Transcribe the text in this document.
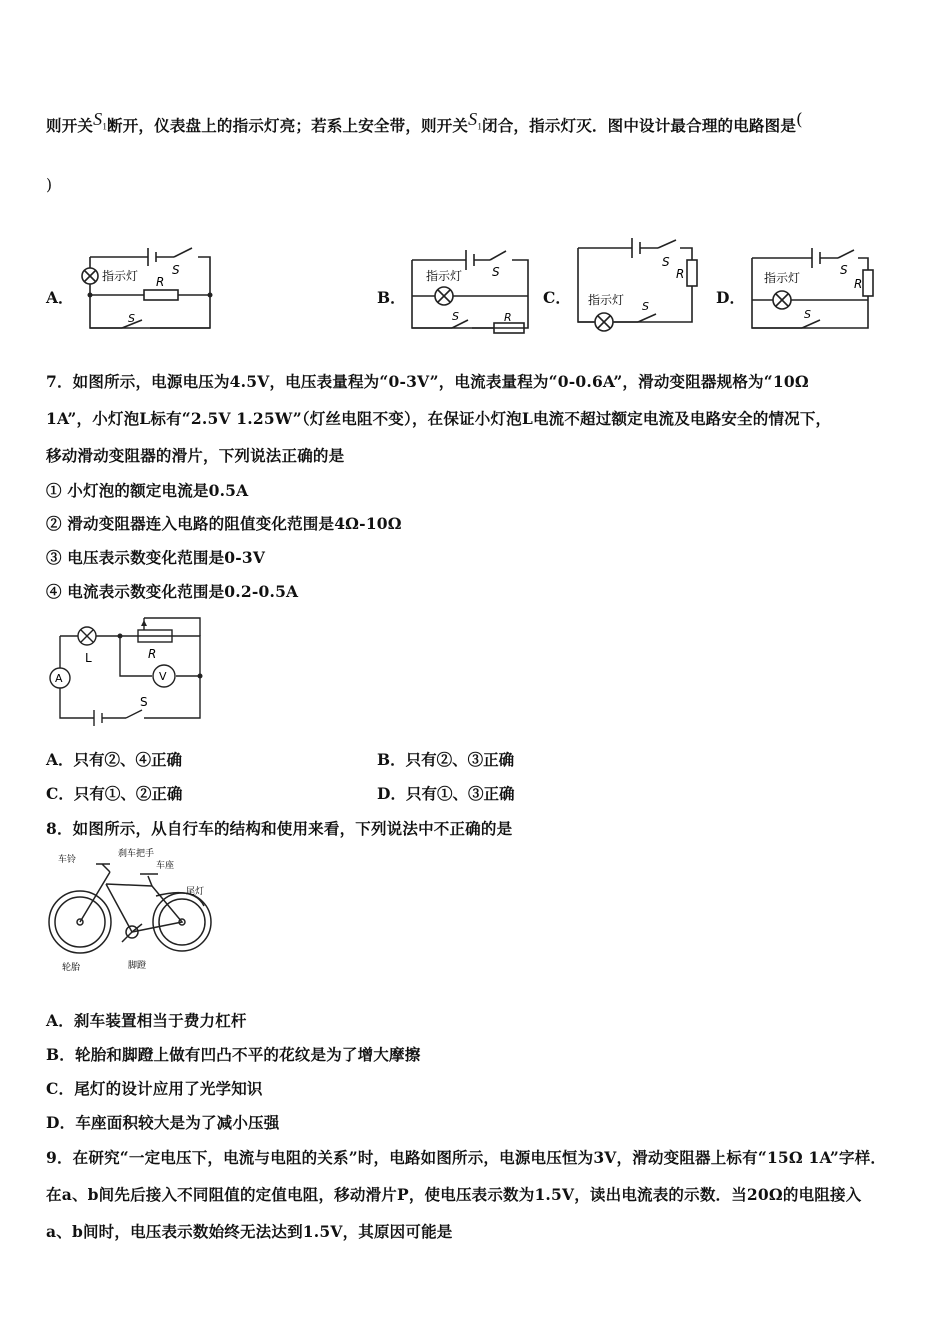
则开关$S_1$断开，仪表盘上的指示灯亮；若系上安全带，则开关$S_1$闭合，指示灯灭．图中设计最合理的电路图是(
)
A．	B．	C．	D．
指示灯	S
R
S
指示灯 S
S	R
指示灯
S
R
S
指示灯
S
R
S
7．如图所示，电源电压为4.5V，电压表量程为“0-3V”，电流表量程为“0-0.6A”，滑动变阻器规格为“10Ω
1A”，小灯泡L标有“2.5V 1.25W”（灯丝电阻不变），在保证小灯泡L电流不超过额定电流及电路安全的情况下，
移动滑动变阻器的滑片，下列说法正确的是
① 小灯泡的额定电流是0.5A
② 滑动变阻器连入电路的阻值变化范围是4Ω-10Ω
③ 电压表示数变化范围是0-3V
④ 电流表示数变化范围是0.2-0.5A
L	R
A	V
S
A．只有②、④正确	B．只有②、③正确
C．只有①、②正确	D．只有①、③正确
8．如图所示，从自行车的结构和使用来看，下列说法中不正确的是
车铃
刹车把手
车座
尾灯
轮胎	脚蹬
A．刹车装置相当于费力杠杆
B．轮胎和脚蹬上做有凹凸不平的花纹是为了增大摩擦
C．尾灯的设计应用了光学知识
D．车座面积较大是为了减小压强
9．在研究“一定电压下，电流与电阻的关系”时，电路如图所示，电源电压恒为3V，滑动变阻器上标有“15Ω 1A”字样．
在a、b间先后接入不同阻值的定值电阻，移动滑片P，使电压表示数为1.5V，读出电流表的示数．当20Ω的电阻接入
a、b间时，电压表示数始终无法达到1.5V，其原因可能是
